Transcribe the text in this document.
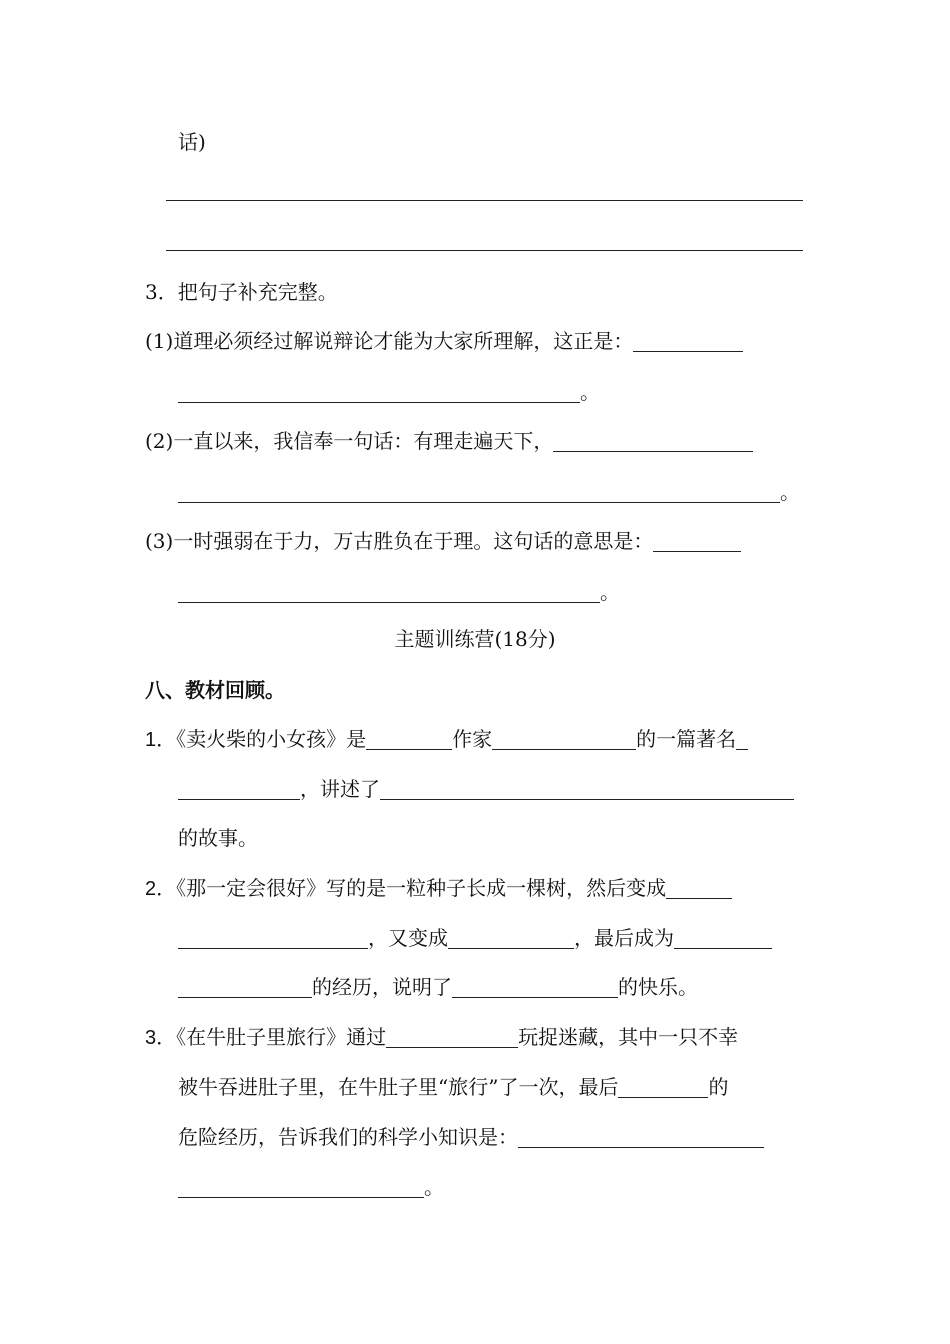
话)
3．把句子补充完整。
(1)道理必须经过解说辩论才能为大家所理解，这正是：
。
(2)一直以来，我信奉一句话：有理走遍天下，
。
(3)一时强弱在于力，万古胜负在于理。这句话的意思是：
。
主题训练营(18分)
八、教材回顾。
1．《卖火柴的小女孩》是	作家	的一篇著名
，讲述了
的故事。
2．《那一定会很好》写的是一粒种子长成一棵树，然后变成
，又变成	，最后成为
的经历，说明了	的快乐。
3．《在牛肚子里旅行》通过	玩捉迷藏，其中一只不幸
被牛吞进肚子里，在牛肚子里“旅行”了一次，最后	的
危险经历，告诉我们的科学小知识是：
。
